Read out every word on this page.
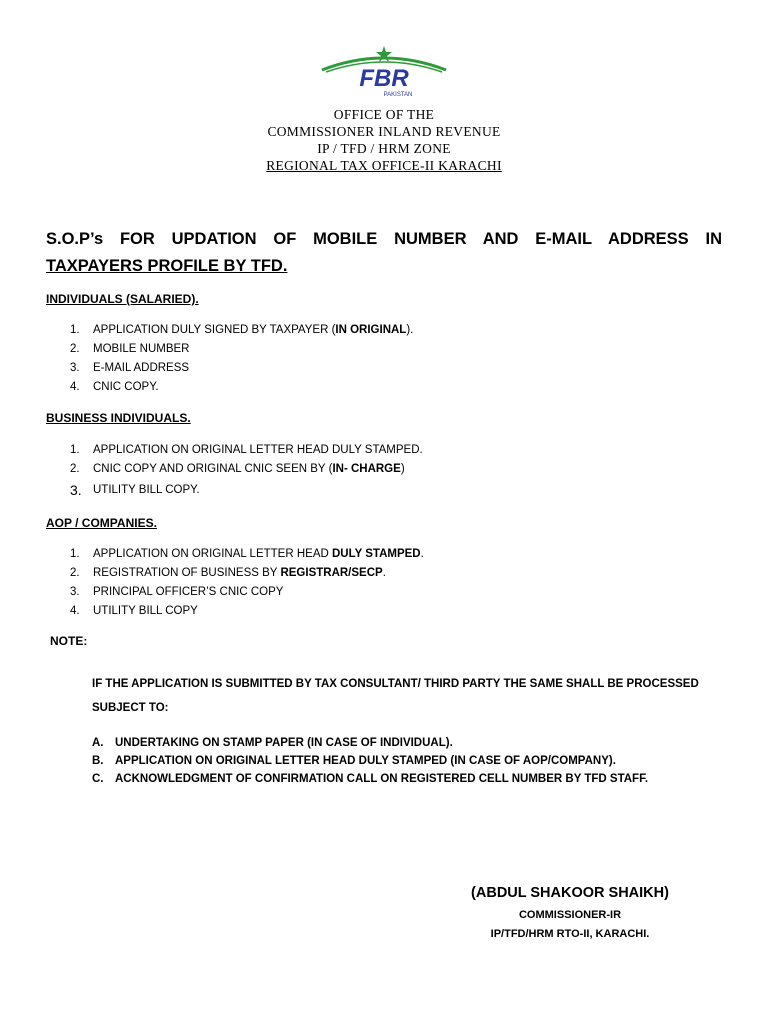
FBR
PAKISTAN
OFFICE OF THE
COMMISSIONER INLAND REVENUE
IP / TFD / HRM ZONE
REGIONAL TAX OFFICE-II KARACHI
S.O.P’s FOR UPDATION OF MOBILE NUMBER AND E-MAIL ADDRESS IN
TAXPAYERS PROFILE BY TFD.
INDIVIDUALS (SALARIED).
1.	APPLICATION DULY SIGNED BY TAXPAYER (IN ORIGINAL).
2.	MOBILE NUMBER
3.	E-MAIL ADDRESS
4.	CNIC COPY.
BUSINESS INDIVIDUALS.
1.	APPLICATION ON ORIGINAL LETTER HEAD DULY STAMPED.
2.	CNIC COPY AND ORIGINAL CNIC SEEN BY (IN- CHARGE)
3. UTILITY BILL COPY.
AOP / COMPANIES.
1.	APPLICATION ON ORIGINAL LETTER HEAD DULY STAMPED.
2.	REGISTRATION OF BUSINESS BY REGISTRAR/SECP.
3.	PRINCIPAL OFFICER’S CNIC COPY
4.	UTILITY BILL COPY
NOTE:
IF THE APPLICATION IS SUBMITTED BY TAX CONSULTANT/ THIRD PARTY THE SAME SHALL BE PROCESSED SUBJECT TO:
A. UNDERTAKING ON STAMP PAPER (IN CASE OF INDIVIDUAL).
B. APPLICATION ON ORIGINAL LETTER HEAD DULY STAMPED (IN CASE OF AOP/COMPANY).
C. ACKNOWLEDGMENT OF CONFIRMATION CALL ON REGISTERED CELL NUMBER BY TFD STAFF.
(ABDUL SHAKOOR SHAIKH)
COMMISSIONER-IR
IP/TFD/HRM RTO-II, KARACHI.
